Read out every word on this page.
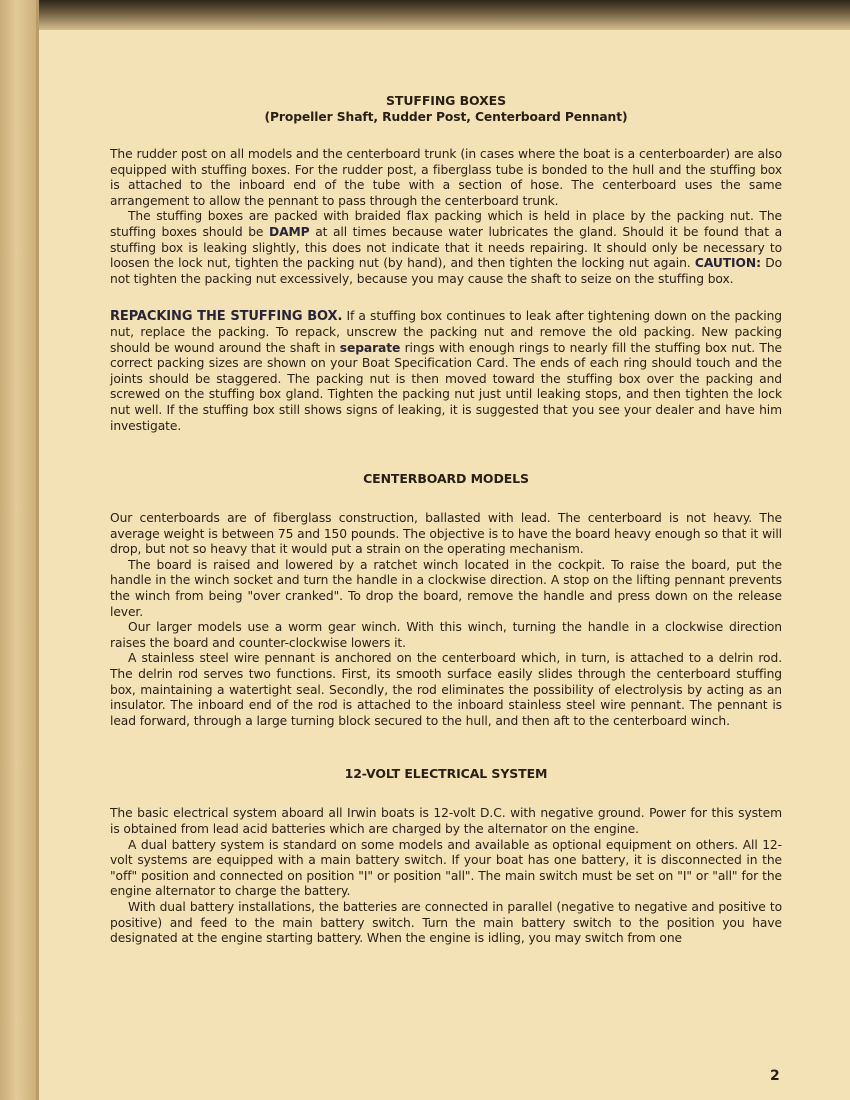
STUFFING BOXES
(Propeller Shaft, Rudder Post, Centerboard Pennant)

The rudder post on all models and the centerboard trunk (in cases where the boat is a centerboarder) are also equipped with stuffing boxes. For the rudder post, a fiberglass tube is bonded to the hull and the stuffing box is attached to the inboard end of the tube with a section of hose. The centerboard uses the same arrangement to allow the pennant to pass through the centerboard trunk.

The stuffing boxes are packed with braided flax packing which is held in place by the packing nut. The stuffing boxes should be DAMP at all times because water lubricates the gland. Should it be found that a stuffing box is leaking slightly, this does not indicate that it needs repairing. It should only be necessary to loosen the lock nut, tighten the packing nut (by hand), and then tighten the locking nut again. CAUTION: Do not tighten the packing nut excessively, because you may cause the shaft to seize on the stuffing box.

REPACKING THE STUFFING BOX. If a stuffing box continues to leak after tightening down on the packing nut, replace the packing. To repack, unscrew the packing nut and remove the old packing. New packing should be wound around the shaft in separate rings with enough rings to nearly fill the stuffing box nut. The correct packing sizes are shown on your Boat Specification Card. The ends of each ring should touch and the joints should be staggered. The packing nut is then moved toward the stuffing box over the packing and screwed on the stuffing box gland. Tighten the packing nut just until leaking stops, and then tighten the lock nut well. If the stuffing box still shows signs of leaking, it is suggested that you see your dealer and have him investigate.

CENTERBOARD MODELS

Our centerboards are of fiberglass construction, ballasted with lead. The centerboard is not heavy. The average weight is between 75 and 150 pounds. The objective is to have the board heavy enough so that it will drop, but not so heavy that it would put a strain on the operating mechanism.

The board is raised and lowered by a ratchet winch located in the cockpit. To raise the board, put the handle in the winch socket and turn the handle in a clockwise direction. A stop on the lifting pennant prevents the winch from being "over cranked". To drop the board, remove the handle and press down on the release lever.

Our larger models use a worm gear winch. With this winch, turning the handle in a clockwise direction raises the board and counter-clockwise lowers it.

A stainless steel wire pennant is anchored on the centerboard which, in turn, is attached to a delrin rod. The delrin rod serves two functions. First, its smooth surface easily slides through the centerboard stuffing box, maintaining a watertight seal. Secondly, the rod eliminates the possibility of electrolysis by acting as an insulator. The inboard end of the rod is attached to the inboard stainless steel wire pennant. The pennant is lead forward, through a large turning block secured to the hull, and then aft to the centerboard winch.

12-VOLT ELECTRICAL SYSTEM

The basic electrical system aboard all Irwin boats is 12-volt D.C. with negative ground. Power for this system is obtained from lead acid batteries which are charged by the alternator on the engine.

A dual battery system is standard on some models and available as optional equipment on others. All 12-volt systems are equipped with a main battery switch. If your boat has one battery, it is disconnected in the "off" position and connected on position "I" or position "all". The main switch must be set on "I" or "all" for the engine alternator to charge the battery.

With dual battery installations, the batteries are connected in parallel (negative to negative and positive to positive) and feed to the main battery switch. Turn the main battery switch to the position you have designated at the engine starting battery. When the engine is idling, you may switch from one

2
